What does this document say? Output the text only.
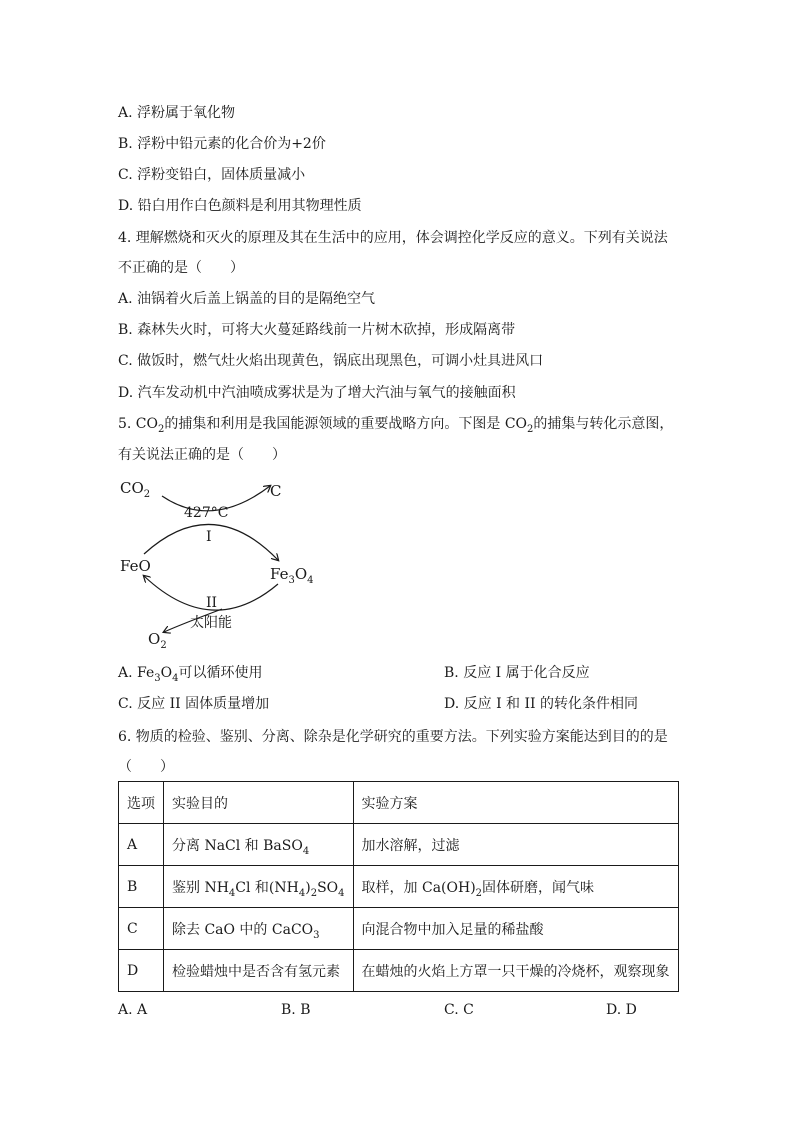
A. 浮粉属于氧化物
B. 浮粉中铅元素的化合价为+2价
C. 浮粉变铅白，固体质量减小
D. 铅白用作白色颜料是利用其物理性质
4. 理解燃烧和灭火的原理及其在生活中的应用，体会调控化学反应的意义。下列有关说法
不正确的是（　　）
A. 油锅着火后盖上锅盖的目的是隔绝空气
B. 森林失火时，可将大火蔓延路线前一片树木砍掉，形成隔离带
C. 做饭时，燃气灶火焰出现黄色，锅底出现黑色，可调小灶具进风口
D. 汽车发动机中汽油喷成雾状是为了增大汽油与氧气的接触面积
5. $CO_2$的捕集和利用是我国能源领域的重要战略方向。下图是 $CO_2$的捕集与转化示意图，
有关说法正确的是（　　）
$CO_2$	C
427°C
I
FeO	$Fe_3O_4$
II
太阳能
$O_2$
A. $Fe_3O_4$可以循环使用	B. 反应 I 属于化合反应
C. 反应 II 固体质量增加	D. 反应 I 和 II 的转化条件相同
6. 物质的检验、鉴别、分离、除杂是化学研究的重要方法。下列实验方案能达到目的的是
（　　）
选项	实验目的	实验方案
A	分离 NaCl 和 BaSO$_4$	加水溶解，过滤
B	鉴别 $NH_4Cl$ 和$(NH_4)_2SO_4$	取样，加 $Ca(OH)_2$固体研磨，闻气味
C	除去 CaO 中的 CaCO$_3$	向混合物中加入足量的稀盐酸
D	检验蜡烛中是否含有氢元素	在蜡烛的火焰上方罩一只干燥的冷烧杯，观察现象
A. A	B. B	C. C	D. D
